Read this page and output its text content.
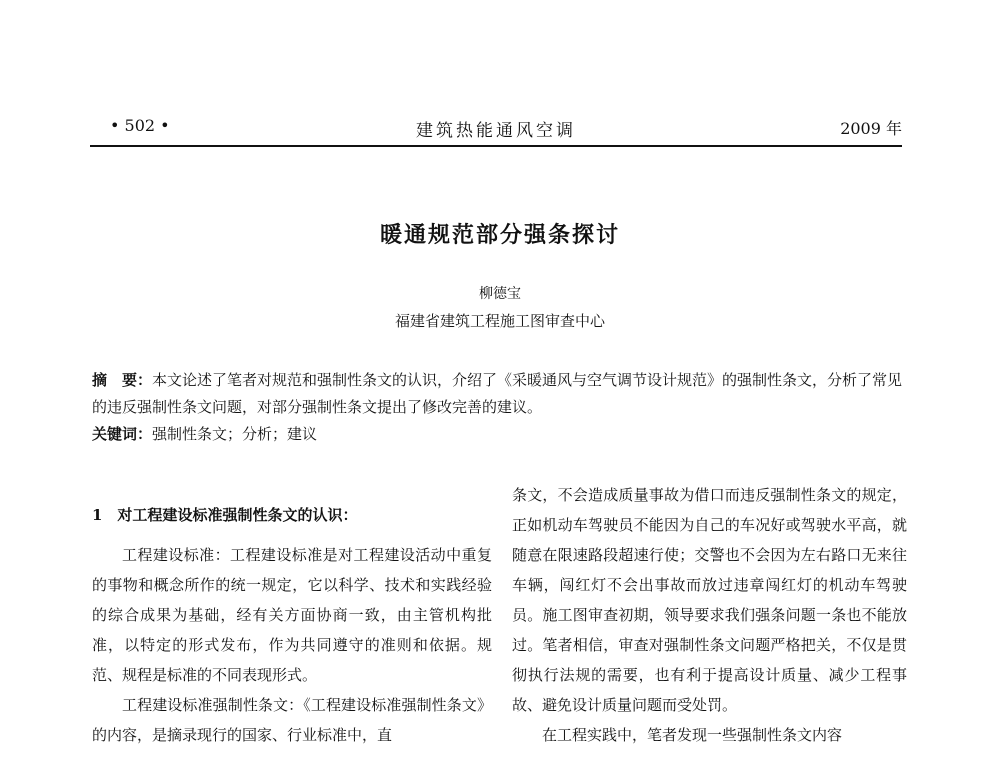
• 502 •	建筑热能通风空调	2009 年
暖通规范部分强条探讨
柳德宝
福建省建筑工程施工图审查中心

摘　要：本文论述了笔者对规范和强制性条文的认识，介绍了《采暖通风与空气调节设计规范》的强制性条文，分析了常见的违反强制性条文问题，对部分强制性条文提出了修改完善的建议。

关键词：强制性条文；分析；建议

1　对工程建设标准强制性条文的认识：

工程建设标准：工程建设标准是对工程建设活动中重复的事物和概念所作的统一规定，它以科学、技术和实践经验的综合成果为基础，经有关方面协商一致，由主管机构批准，以特定的形式发布，作为共同遵守的准则和依据。规范、规程是标准的不同表现形式。

工程建设标准强制性条文：《工程建设标准强制性条文》的内容，是摘录现行的国家、行业标准中，直

条文，不会造成质量事故为借口而违反强制性条文的规定，正如机动车驾驶员不能因为自己的车况好或驾驶水平高，就随意在限速路段超速行使；交警也不会因为左右路口无来往车辆，闯红灯不会出事故而放过违章闯红灯的机动车驾驶员。施工图审查初期，领导要求我们强条问题一条也不能放过。笔者相信，审查对强制性条文问题严格把关，不仅是贯彻执行法规的需要，也有利于提高设计质量、减少工程事故、避免设计质量问题而受处罚。

在工程实践中，笔者发现一些强制性条文内容
